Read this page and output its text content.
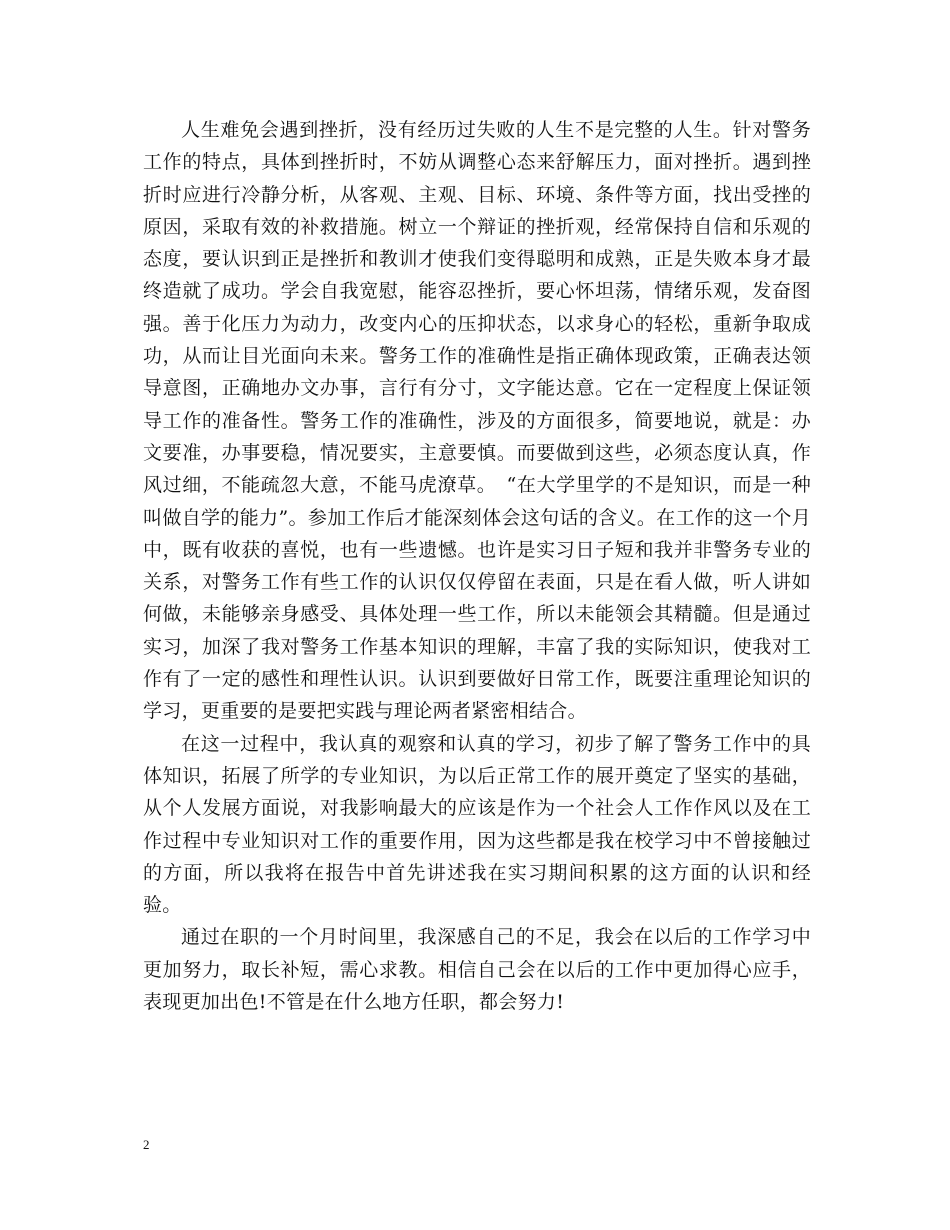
人生难免会遇到挫折，没有经历过失败的人生不是完整的人生。针对警务工作的特点，具体到挫折时，不妨从调整心态来舒解压力，面对挫折。遇到挫折时应进行冷静分析，从客观、主观、目标、环境、条件等方面，找出受挫的原因，采取有效的补救措施。树立一个辩证的挫折观，经常保持自信和乐观的态度，要认识到正是挫折和教训才使我们变得聪明和成熟，正是失败本身才最终造就了成功。学会自我宽慰，能容忍挫折，要心怀坦荡，情绪乐观，发奋图强。善于化压力为动力，改变内心的压抑状态，以求身心的轻松，重新争取成功，从而让目光面向未来。警务工作的准确性是指正确体现政策，正确表达领导意图，正确地办文办事，言行有分寸，文字能达意。它在一定程度上保证领导工作的准备性。警务工作的准确性，涉及的方面很多，简要地说，就是：办文要准，办事要稳，情况要实，主意要慎。而要做到这些，必须态度认真，作风过细，不能疏忽大意，不能马虎潦草。　“在大学里学的不是知识，而是一种叫做自学的能力”。参加工作后才能深刻体会这句话的含义。在工作的这一个月中，既有收获的喜悦，也有一些遗憾。也许是实习日子短和我并非警务专业的关系，对警务工作有些工作的认识仅仅停留在表面，只是在看人做，听人讲如何做，未能够亲身感受、具体处理一些工作，所以未能领会其精髓。但是通过实习，加深了我对警务工作基本知识的理解，丰富了我的实际知识，使我对工作有了一定的感性和理性认识。认识到要做好日常工作，既要注重理论知识的学习，更重要的是要把实践与理论两者紧密相结合。

在这一过程中，我认真的观察和认真的学习，初步了解了警务工作中的具体知识，拓展了所学的专业知识，为以后正常工作的展开奠定了坚实的基础，从个人发展方面说，对我影响最大的应该是作为一个社会人工作作风以及在工作过程中专业知识对工作的重要作用，因为这些都是我在校学习中不曾接触过的方面，所以我将在报告中首先讲述我在实习期间积累的这方面的认识和经验。

通过在职的一个月时间里，我深感自己的不足，我会在以后的工作学习中更加努力，取长补短，需心求教。相信自己会在以后的工作中更加得心应手，表现更加出色!不管是在什么地方任职，都会努力!

2
